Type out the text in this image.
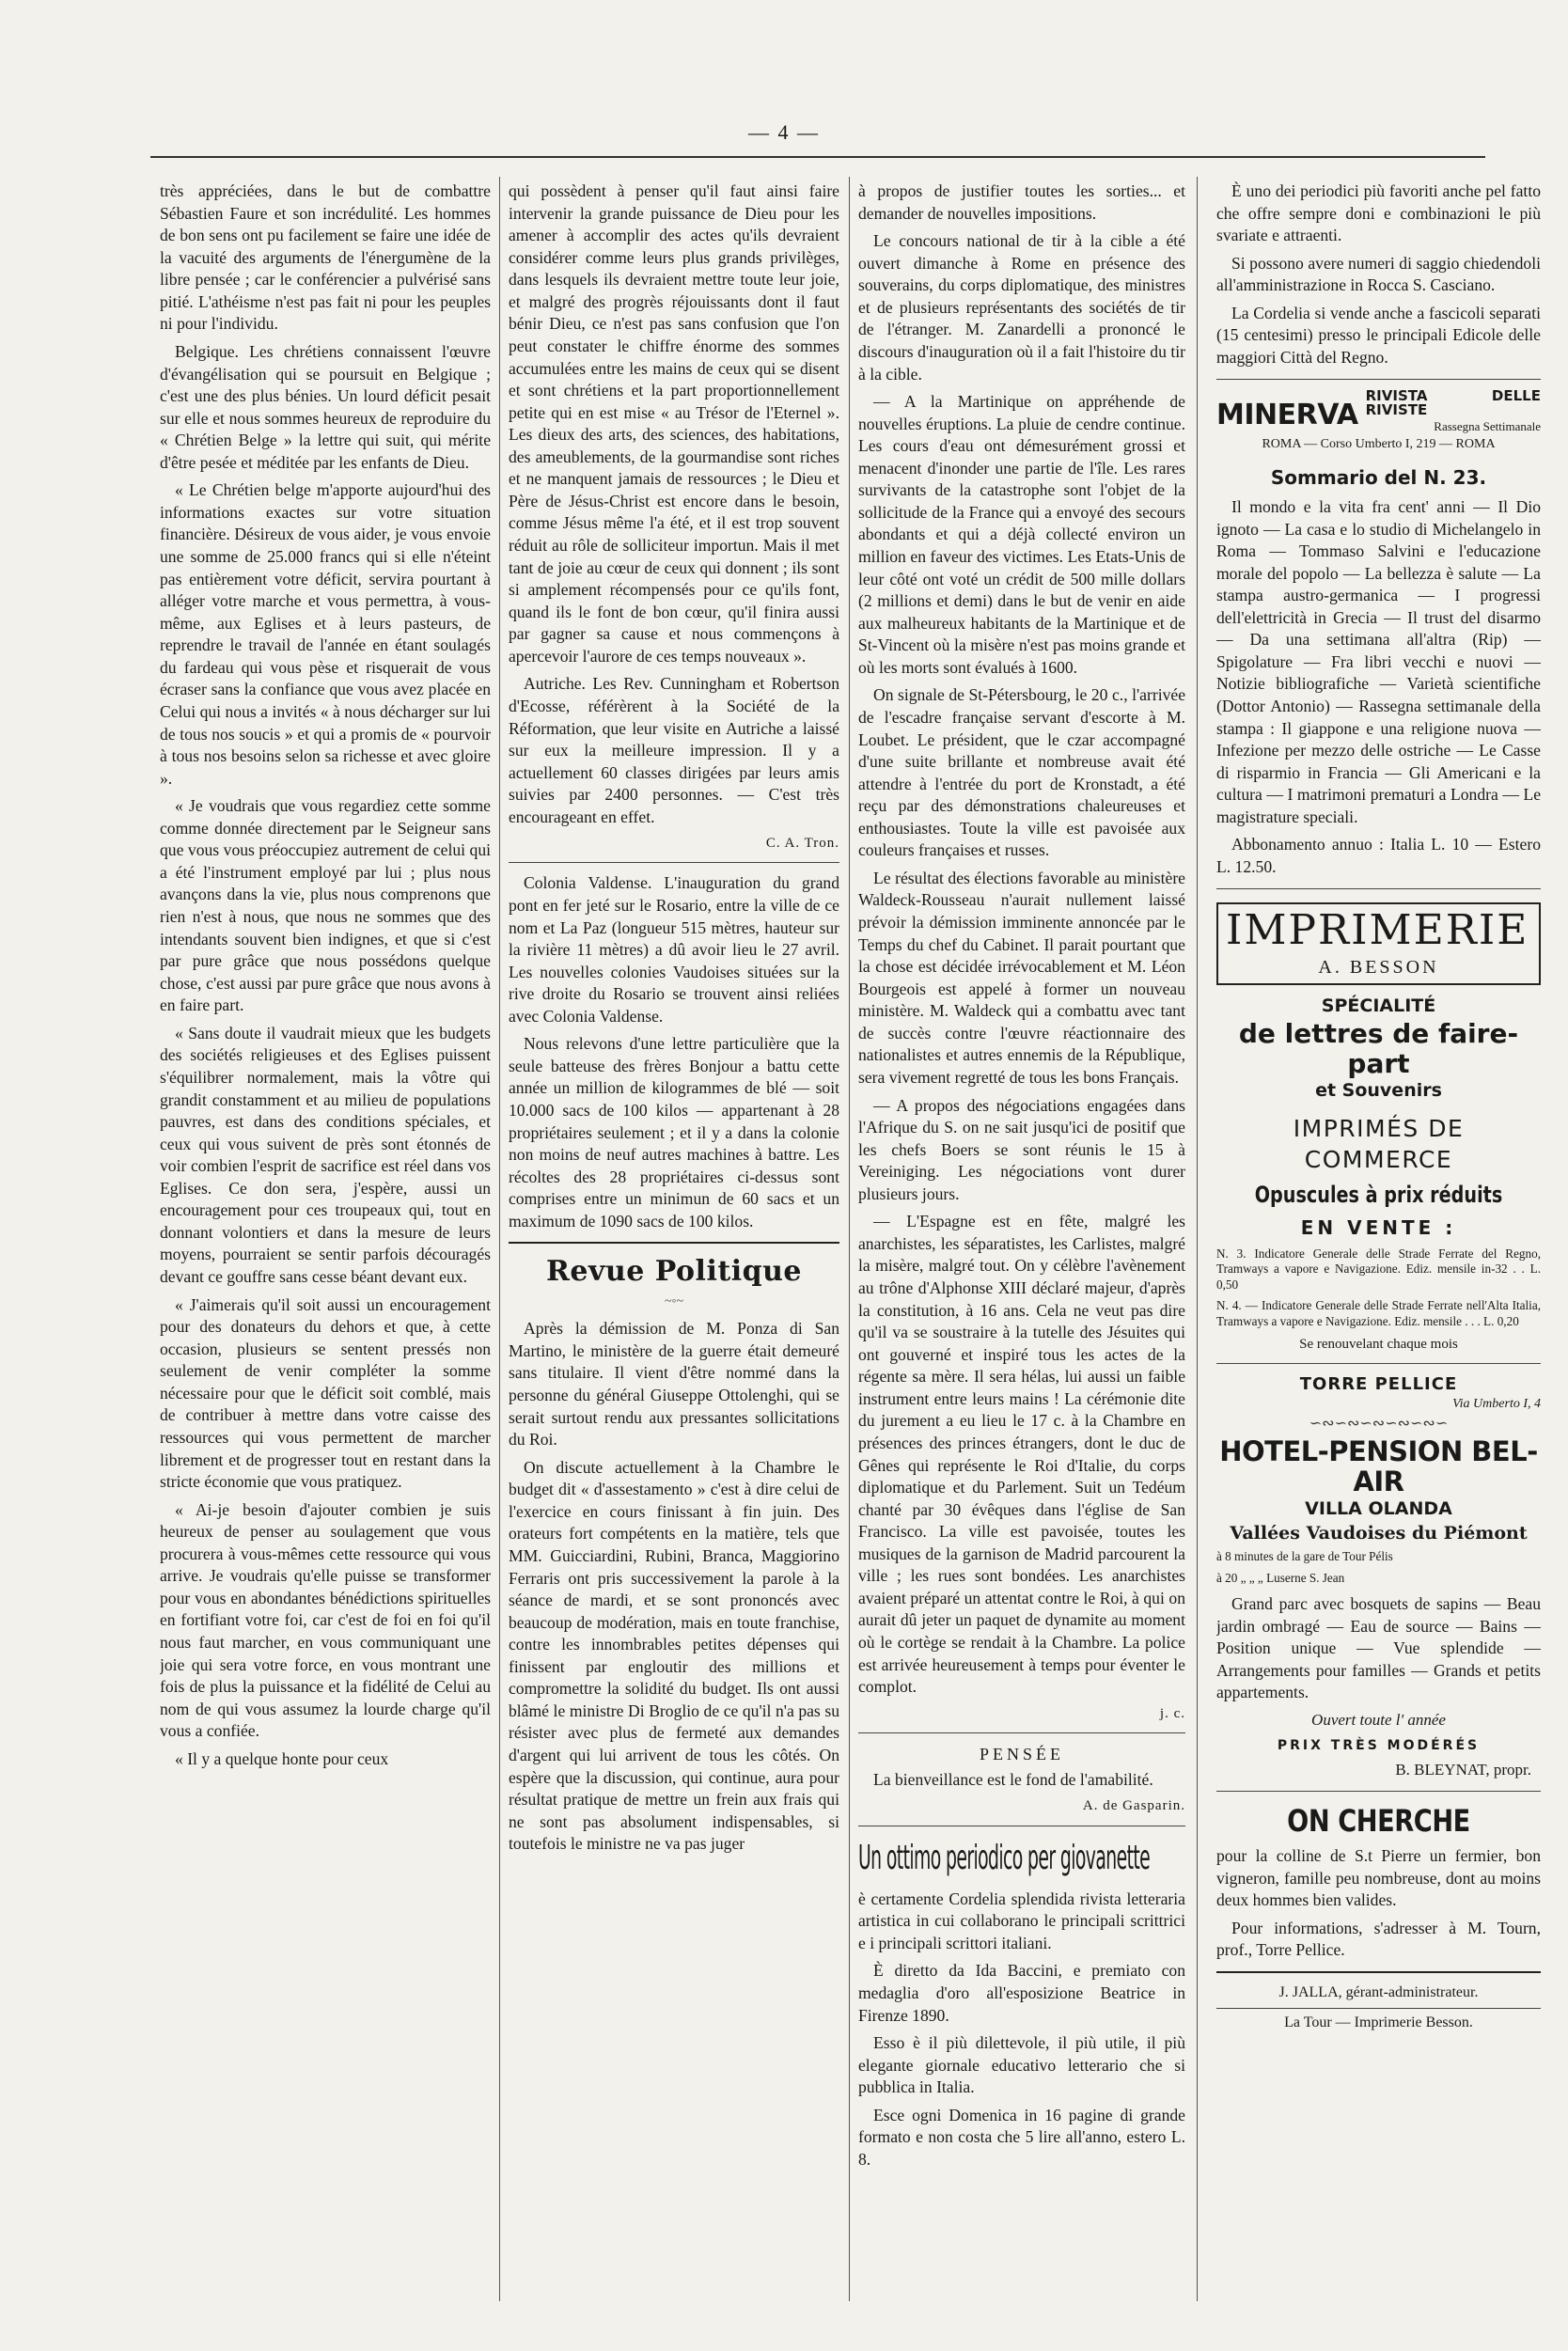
— 4 —

très appréciées, dans le but de combattre Sébastien Faure et son incrédulité. Les hommes de bon sens ont pu facilement se faire une idée de la vacuité des arguments de l'énergumène de la libre pensée ; car le conférencier a pulvérisé sans pitié. L'athéisme n'est pas fait ni pour les peuples ni pour l'individu.

Belgique. Les chrétiens connaissent l'œuvre d'évangélisation qui se poursuit en Belgique ; c'est une des plus bénies. Un lourd déficit pesait sur elle et nous sommes heureux de reproduire du « Chrétien Belge » la lettre qui suit, qui mérite d'être pesée et méditée par les enfants de Dieu.

« Le Chrétien belge m'apporte aujourd'hui des informations exactes sur votre situation financière. Désireux de vous aider, je vous envoie une somme de 25.000 francs qui si elle n'éteint pas entièrement votre déficit, servira pourtant à alléger votre marche et vous permettra, à vous-même, aux Eglises et à leurs pasteurs, de reprendre le travail de l'année en étant soulagés du fardeau qui vous pèse et risquerait de vous écraser sans la confiance que vous avez placée en Celui qui nous a invités « à nous décharger sur lui de tous nos soucis » et qui a promis de « pourvoir à tous nos besoins selon sa richesse et avec gloire ».

« Je voudrais que vous regardiez cette somme comme donnée directement par le Seigneur sans que vous vous préoccupiez autrement de celui qui a été l'instrument employé par lui ; plus nous avançons dans la vie, plus nous comprenons que rien n'est à nous, que nous ne sommes que des intendants souvent bien indignes, et que si c'est par pure grâce que nous possédons quelque chose, c'est aussi par pure grâce que nous avons à en faire part.

« Sans doute il vaudrait mieux que les budgets des sociétés religieuses et des Eglises puissent s'équilibrer normalement, mais la vôtre qui grandit constamment et au milieu de populations pauvres, est dans des conditions spéciales, et ceux qui vous suivent de près sont étonnés de voir combien l'esprit de sacrifice est réel dans vos Eglises. Ce don sera, j'espère, aussi un encouragement pour ces troupeaux qui, tout en donnant volontiers et dans la mesure de leurs moyens, pourraient se sentir parfois découragés devant ce gouffre sans cesse béant devant eux.

« J'aimerais qu'il soit aussi un encouragement pour des donateurs du dehors et que, à cette occasion, plusieurs se sentent pressés non seulement de venir compléter la somme nécessaire pour que le déficit soit comblé, mais de contribuer à mettre dans votre caisse des ressources qui vous permettent de marcher librement et de progresser tout en restant dans la stricte économie que vous pratiquez.

« Ai-je besoin d'ajouter combien je suis heureux de penser au soulagement que vous procurera à vous-mêmes cette ressource qui vous arrive. Je voudrais qu'elle puisse se transformer pour vous en abondantes bénédictions spirituelles en fortifiant votre foi, car c'est de foi en foi qu'il nous faut marcher, en vous communiquant une joie qui sera votre force, en vous montrant une fois de plus la puissance et la fidélité de Celui au nom de qui vous assumez la lourde charge qu'il vous a confiée.

« Il y a quelque honte pour ceux

qui possèdent à penser qu'il faut ainsi faire intervenir la grande puissance de Dieu pour les amener à accomplir des actes qu'ils devraient considérer comme leurs plus grands privilèges, dans lesquels ils devraient mettre toute leur joie, et malgré des progrès réjouissants dont il faut bénir Dieu, ce n'est pas sans confusion que l'on peut constater le chiffre énorme des sommes accumulées entre les mains de ceux qui se disent et sont chrétiens et la part proportionnellement petite qui en est mise « au Trésor de l'Eternel ». Les dieux des arts, des sciences, des habitations, des ameublements, de la gourmandise sont riches et ne manquent jamais de ressources ; le Dieu et Père de Jésus-Christ est encore dans le besoin, comme Jésus même l'a été, et il est trop souvent réduit au rôle de solliciteur importun. Mais il met tant de joie au cœur de ceux qui donnent ; ils sont si amplement récompensés pour ce qu'ils font, quand ils le font de bon cœur, qu'il finira aussi par gagner sa cause et nous commençons à apercevoir l'aurore de ces temps nouveaux ».

Autriche. Les Rev. Cunningham et Robertson d'Ecosse, référèrent à la Société de la Réformation, que leur visite en Autriche a laissé sur eux la meilleure impression. Il y a actuellement 60 classes dirigées par leurs amis suivies par 2400 personnes. — C'est très encourageant en effet.

C. A. Tron.

Colonia Valdense. L'inauguration du grand pont en fer jeté sur le Rosario, entre la ville de ce nom et La Paz (longueur 515 mètres, hauteur sur la rivière 11 mètres) a dû avoir lieu le 27 avril. Les nouvelles colonies Vaudoises situées sur la rive droite du Rosario se trouvent ainsi reliées avec Colonia Valdense.

Nous relevons d'une lettre particulière que la seule batteuse des frères Bonjour a battu cette année un million de kilogrammes de blé — soit 10.000 sacs de 100 kilos — appartenant à 28 propriétaires seulement ; et il y a dans la colonie non moins de neuf autres machines à battre. Les récoltes des 28 propriétaires ci-dessus sont comprises entre un minimun de 60 sacs et un maximum de 1090 sacs de 100 kilos.

Revue Politique
~◦~

Après la démission de M. Ponza di San Martino, le ministère de la guerre était demeuré sans titulaire. Il vient d'être nommé dans la personne du général Giuseppe Ottolenghi, qui se serait surtout rendu aux pressantes sollicitations du Roi.

On discute actuellement à la Chambre le budget dit « d'assestamento » c'est à dire celui de l'exercice en cours finissant à fin juin. Des orateurs fort compétents en la matière, tels que MM. Guicciardini, Rubini, Branca, Maggiorino Ferraris ont pris successivement la parole à la séance de mardi, et se sont prononcés avec beaucoup de modération, mais en toute franchise, contre les innombrables petites dépenses qui finissent par engloutir des millions et compromettre la solidité du budget. Ils ont aussi blâmé le ministre Di Broglio de ce qu'il n'a pas su résister avec plus de fermeté aux demandes d'argent qui lui arrivent de tous les côtés. On espère que la discussion, qui continue, aura pour résultat pratique de mettre un frein aux frais qui ne sont pas absolument indispensables, si toutefois le ministre ne va pas juger

à propos de justifier toutes les sorties... et demander de nouvelles impositions.

Le concours national de tir à la cible a été ouvert dimanche à Rome en présence des souverains, du corps diplomatique, des ministres et de plusieurs représentants des sociétés de tir de l'étranger. M. Zanardelli a prononcé le discours d'inauguration où il a fait l'histoire du tir à la cible.

— A la Martinique on appréhende de nouvelles éruptions. La pluie de cendre continue. Les cours d'eau ont démesurément grossi et menacent d'inonder une partie de l'île. Les rares survivants de la catastrophe sont l'objet de la sollicitude de la France qui a envoyé des secours abondants et qui a déjà collecté environ un million en faveur des victimes. Les Etats-Unis de leur côté ont voté un crédit de 500 mille dollars (2 millions et demi) dans le but de venir en aide aux malheureux habitants de la Martinique et de St-Vincent où la misère n'est pas moins grande et où les morts sont évalués à 1600.

On signale de St-Pétersbourg, le 20 c., l'arrivée de l'escadre française servant d'escorte à M. Loubet. Le président, que le czar accompagné d'une suite brillante et nombreuse avait été attendre à l'entrée du port de Kronstadt, a été reçu par des démonstrations chaleureuses et enthousiastes. Toute la ville est pavoisée aux couleurs françaises et russes.

Le résultat des élections favorable au ministère Waldeck-Rousseau n'aurait nullement laissé prévoir la démission imminente annoncée par le Temps du chef du Cabinet. Il parait pourtant que la chose est décidée irrévocablement et M. Léon Bourgeois est appelé à former un nouveau ministère. M. Waldeck qui a combattu avec tant de succès contre l'œuvre réactionnaire des nationalistes et autres ennemis de la République, sera vivement regretté de tous les bons Français.

— A propos des négociations engagées dans l'Afrique du S. on ne sait jusqu'ici de positif que les chefs Boers se sont réunis le 15 à Vereiniging. Les négociations vont durer plusieurs jours.

— L'Espagne est en fête, malgré les anarchistes, les séparatistes, les Carlistes, malgré la misère, malgré tout. On y célèbre l'avènement au trône d'Alphonse XIII déclaré majeur, d'après la constitution, à 16 ans. Cela ne veut pas dire qu'il va se soustraire à la tutelle des Jésuites qui ont gouverné et inspiré tous les actes de la régente sa mère. Il sera hélas, lui aussi un faible instrument entre leurs mains ! La cérémonie dite du jurement a eu lieu le 17 c. à la Chambre en présences des princes étrangers, dont le duc de Gênes qui représente le Roi d'Italie, du corps diplomatique et du Parlement. Suit un Tedéum chanté par 30 évêques dans l'église de San Francisco. La ville est pavoisée, toutes les musiques de la garnison de Madrid parcourent la ville ; les rues sont bondées. Les anarchistes avaient préparé un attentat contre le Roi, à qui on aurait dû jeter un paquet de dynamite au moment où le cortège se rendait à la Chambre. La police est arrivée heureusement à temps pour éventer le complot.

j. c.
PENSÉE

La bienveillance est le fond de l'amabilité.

A. de Gasparin.
Un ottimo periodico per giovanette

è certamente Cordelia splendida rivista letteraria artistica in cui collaborano le principali scrittrici e i principali scrittori italiani.

È diretto da Ida Baccini, e premiato con medaglia d'oro all'esposizione Beatrice in Firenze 1890.

Esso è il più dilettevole, il più utile, il più elegante giornale educativo letterario che si pubblica in Italia.

Esce ogni Domenica in 16 pagine di grande formato e non costa che 5 lire all'anno, estero L. 8.

È uno dei periodici più favoriti anche pel fatto che offre sempre doni e combinazioni le più svariate e attraenti.

Si possono avere numeri di saggio chiedendoli all'amministrazione in Rocca S. Casciano.

La Cordelia si vende anche a fascicoli separati (15 centesimi) presso le principali Edicole delle maggiori Città del Regno.

MINERVA
RIVISTA DELLE RIVISTE
Rassegna Settimanale
ROMA — Corso Umberto I, 219 — ROMA
Sommario del N. 23.

Il mondo e la vita fra cent' anni — Il Dio ignoto — La casa e lo studio di Michelangelo in Roma — Tommaso Salvini e l'educazione morale del popolo — La bellezza è salute — La stampa austro-germanica — I progressi dell'elettricità in Grecia — Il trust del disarmo — Da una settimana all'altra (Rip) — Spigolature — Fra libri vecchi e nuovi — Notizie bibliografiche — Varietà scientifiche (Dottor Antonio) — Rassegna settimanale della stampa : Il giappone e una religione nuova — Infezione per mezzo delle ostriche — Le Casse di risparmio in Francia — Gli Americani e la cultura — I matrimoni prematuri a Londra — Le magistrature speciali.

Abbonamento annuo : Italia L. 10 — Estero L. 12.50.

IMPRIMERIE
A. BESSON
SPÉCIALITÉ
de lettres de faire-part
et Souvenirs
IMPRIMÉS DE COMMERCE
Opuscules à prix réduits
EN VENTE :

N. 3. Indicatore Generale delle Strade Ferrate del Regno, Tramways a vapore e Navigazione. Ediz. mensile in-32 . . L. 0,50

N. 4. — Indicatore Generale delle Strade Ferrate nell'Alta Italia, Tramways a vapore e Navigazione. Ediz. mensile . . . L. 0,20

Se renouvelant chaque mois
TORRE PELLICE
Via Umberto I, 4
∽∾∽∾∽∾∽∾∽∾∽
HOTEL-PENSION BEL-AIR
VILLA OLANDA
Vallées Vaudoises du Piémont

à 8 minutes de la gare de Tour Pélis

à 20 „ „ „ Luserne S. Jean

Grand parc avec bosquets de sapins — Beau jardin ombragé — Eau de source — Bains — Position unique — Vue splendide — Arrangements pour familles — Grands et petits appartements.

Ouvert toute l' année
PRIX TRÈS MODÉRÉS
B. BLEYNAT, propr.
ON CHERCHE

pour la colline de S.t Pierre un fermier, bon vigneron, famille peu nombreuse, dont au moins deux hommes bien valides.

Pour informations, s'adresser à M. Tourn, prof., Torre Pellice.

J. JALLA, gérant-administrateur.
La Tour — Imprimerie Besson.
